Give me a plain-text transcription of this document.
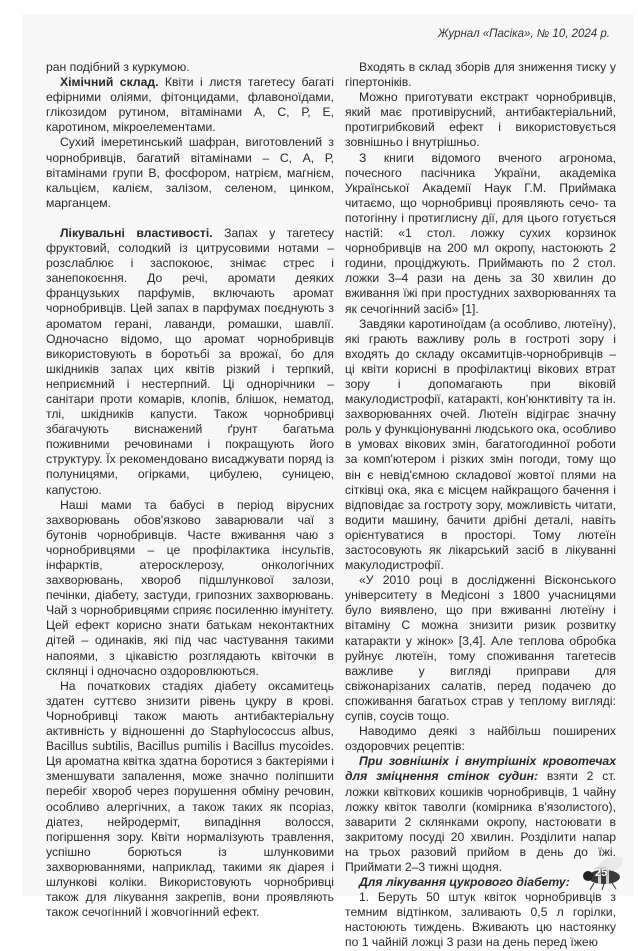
Журнал «Пасіка», № 10, 2024 р.

ран подібний з куркумою.

Хімічний склад. Квіти і листя тагетесу багаті ефірними оліями, фітонцидами, флавоноїдами, глікозидом рутином, вітамінами А, С, Р, Е, каротином, мікроелементами.

Сухий імеретинський шафран, виготовлений з чорнобривців, багатий вітамінами – С, А, Р, вітамінами групи В, фосфором, натрієм, магнієм, кальцієм, калієм, залізом, селеном, цинком, марганцем.

Лікувальні властивості. Запах у тагетесу фруктовий, солодкий із цитрусовими нотами – розслаблює і заспокоює, знімає стрес і занепокоєння. До речі, аромати деяких французьких парфумів, включають аромат чорнобривців. Цей запах в парфумах поєднують з ароматом герані, лаванди, ромашки, шавлії. Одночасно відомо, що аромат чорнобривців використовують в боротьбі за врожаї, бо для шкідників запах цих квітів різкий і терпкий, неприємний і нестерпний. Ці однорічники – санітари проти комарів, клопів, блішок, нематод, тлі, шкідників капусти. Також чорнобривці збагачують виснажений ґрунт багатьма поживними речовинами і покращують його структуру. Їх рекомендовано висаджувати поряд із полуницями, огірками, цибулею, суницею, капустою.

Наші мами та бабусі в період вірусних захворювань обов'язково заварювали чаї з бутонів чорнобривців. Часте вживання чаю з чорнобривцями – це профілактика інсультів, інфарктів, атеросклерозу, онкологічних захворювань, хвороб підшлункової залози, печінки, діабету, застуди, грипозних захворювань. Чай з чорнобривцями сприяє посиленню імунітету. Цей ефект корисно знати батькам неконтактних дітей – одинаків, які під час частування такими напоями, з цікавістю розглядають квіточки в склянці і одночасно оздоровлюються.

На початкових стадіях діабету оксамитець здатен суттєво знизити рівень цукру в крові. Чорнобривці також мають антибактеріальну активність у відношенні до Staphylococcus albus, Bacillus subtilis, Bacillus pumilis і Bacillus mycoides. Ця ароматна квітка здатна боротися з бактеріями і зменшувати запалення, може значно поліпшити перебіг хвороб через порушення обміну речовин, особливо алергічних, а також таких як псоріаз, діатез, нейродерміт, випадіння волосся, погіршення зору. Квіти нормалізують травлення, успішно борються із шлунковими захворюваннями, наприклад, такими як діарея і шлункові коліки. Використовують чорнобривці також для лікування закрепів, вони проявляють також сечогінний і жовчогінний ефект.

Входять в склад зборів для зниження тиску у гіпертоніків.

Можно приготувати екстракт чорнобривців, який має противірусний, антибактеріальний, протигрибковий ефект і використовується зовнішньо і внутрішньо.

З книги відомого вченого агронома, почесного пасічника України, академіка Української Академії Наук Г.М. Приймака читаємо, що чорнобривці проявляють сечо- та потогінну і протиглисну дії, для цього готується настій: «1 стол. ложку сухих корзинок чорнобривців на 200 мл окропу, настоюють 2 години, проціджують. Приймають по 2 стол. ложки 3–4 рази на день за 30 хвилин до вживання їжі при простудних захворюваннях та як сечогінний засіб» [1].

Завдяки каротиноїдам (а особливо, лютеїну), які грають важливу роль в гостроті зору і входять до складу оксамитців-чорнобривців – ці квіти корисні в профілактиці вікових втрат зору і допомагають при віковій макулодистрофії, катаракті, кон'юнктивіту та ін. захворюваннях очей. Лютеїн відіграє значну роль у функціонуванні людського ока, особливо в умовах вікових змін, багатогодинної роботи за комп'ютером і різких змін погоди, тому що він є невід'ємною складової жовтої плями на сітківці ока, яка є місцем найкращого бачення і відповідає за гостроту зору, можливість читати, водити машину, бачити дрібні деталі, навіть орієнтуватися в просторі. Тому лютеїн застосовують як лікарський засіб в лікуванні макулодистрофії.

«У 2010 році в дослідженні Вісконського університету в Медісоні з 1800 учасницями було виявлено, що при вживанні лютеїну і вітаміну С можна знизити ризик розвитку катаракти у жінок» [3,4]. Але теплова обробка руйнує лютеїн, тому споживання тагетесів важливе у вигляді приправи для свіжонарізаних салатів, перед подачею до споживання багатьох страв у теплому вигляді: супів, соусів тощо.

Наводимо деякі з найбільш поширених оздоровчих рецептів:

При зовнішніх і внутрішніх кровотечах для зміцнення стінок судин: взяти 2 ст. ложки квіткових кошиків чорнобривців, 1 чайну ложку квіток таволги (комірника в'язолистого), заварити 2 склянками окропу, настоювати в закритому посуді 20 хвилин. Розділити напар на трьох разовий прийом в день до їжі. Приймати 2–3 тижні щодня.

Для лікування цукрового діабету:

1. Беруть 50 штук квіток чорнобривців з темним відтінком, заливають 0,5 л горілки, настоюють тиждень. Вживають цю настоянку по 1 чайній ложці 3 рази на день перед їжею

25
